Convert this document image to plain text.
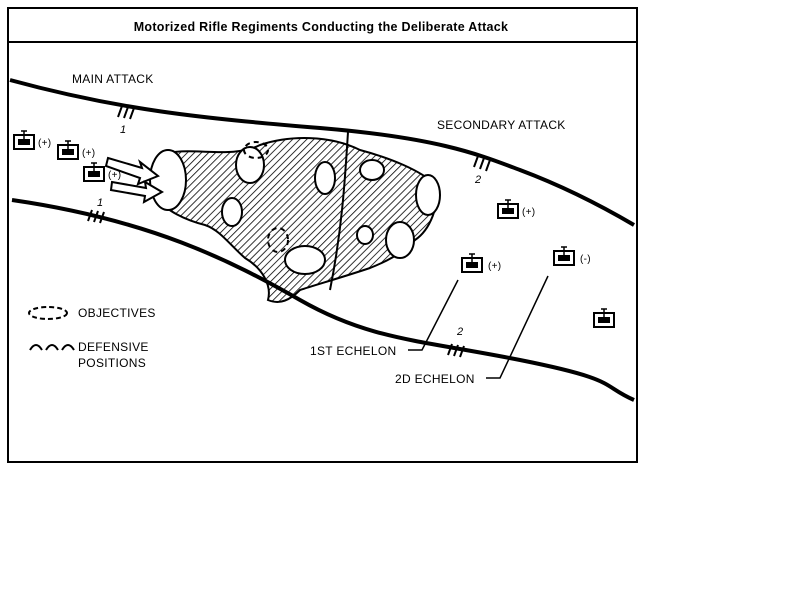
Motorized Rifle Regiments Conducting the Deliberate Attack
MAIN ATTACK
SECONDARY ATTACK
1
1
2
2
(+)
(+)
(+)
(+)
(+)
(-)
OBJECTIVES
DEFENSIVE
POSITIONS
1ST ECHELON
2D ECHELON
